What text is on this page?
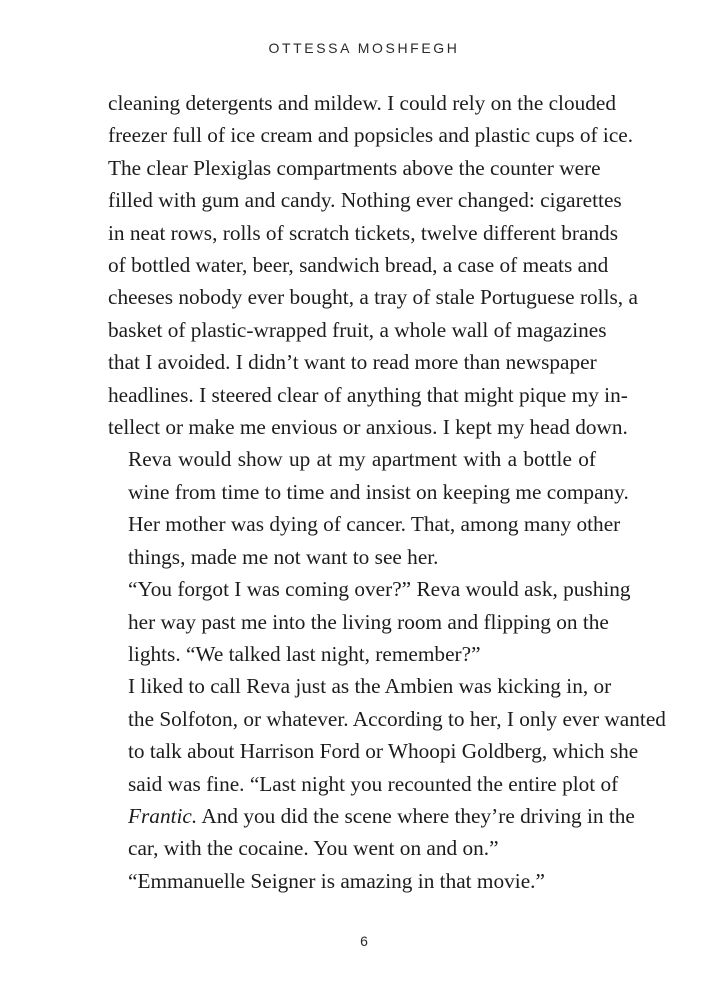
OTTESSA MOSHFEGH

cleaning detergents and mildew. I could rely on the clouded
freezer full of ice cream and popsicles and plastic cups of ice.
The clear Plexiglas compartments above the counter were
filled with gum and candy. Nothing ever changed: cigarettes
in neat rows, rolls of scratch tickets, twelve different brands
of bottled water, beer, sandwich bread, a case of meats and
cheeses nobody ever bought, a tray of stale Portuguese rolls, a
basket of plastic-wrapped fruit, a whole wall of magazines
that I avoided. I didn’t want to read more than newspaper
headlines. I steered clear of anything that might pique my in-
tellect or make me envious or anxious. I kept my head down.

Reva would show up at my apartment with a bottle of
wine from time to time and insist on keeping me company.
Her mother was dying of cancer. That, among many other
things, made me not want to see her.

“You forgot I was coming over?” Reva would ask, pushing
her way past me into the living room and flipping on the
lights. “We talked last night, remember?”

I liked to call Reva just as the Ambien was kicking in, or
the Solfoton, or whatever. According to her, I only ever wanted
to talk about Harrison Ford or Whoopi Goldberg, which she
said was fine. “Last night you recounted the entire plot of
Frantic. And you did the scene where they’re driving in the
car, with the cocaine. You went on and on.”

“Emmanuelle Seigner is amazing in that movie.”

6
